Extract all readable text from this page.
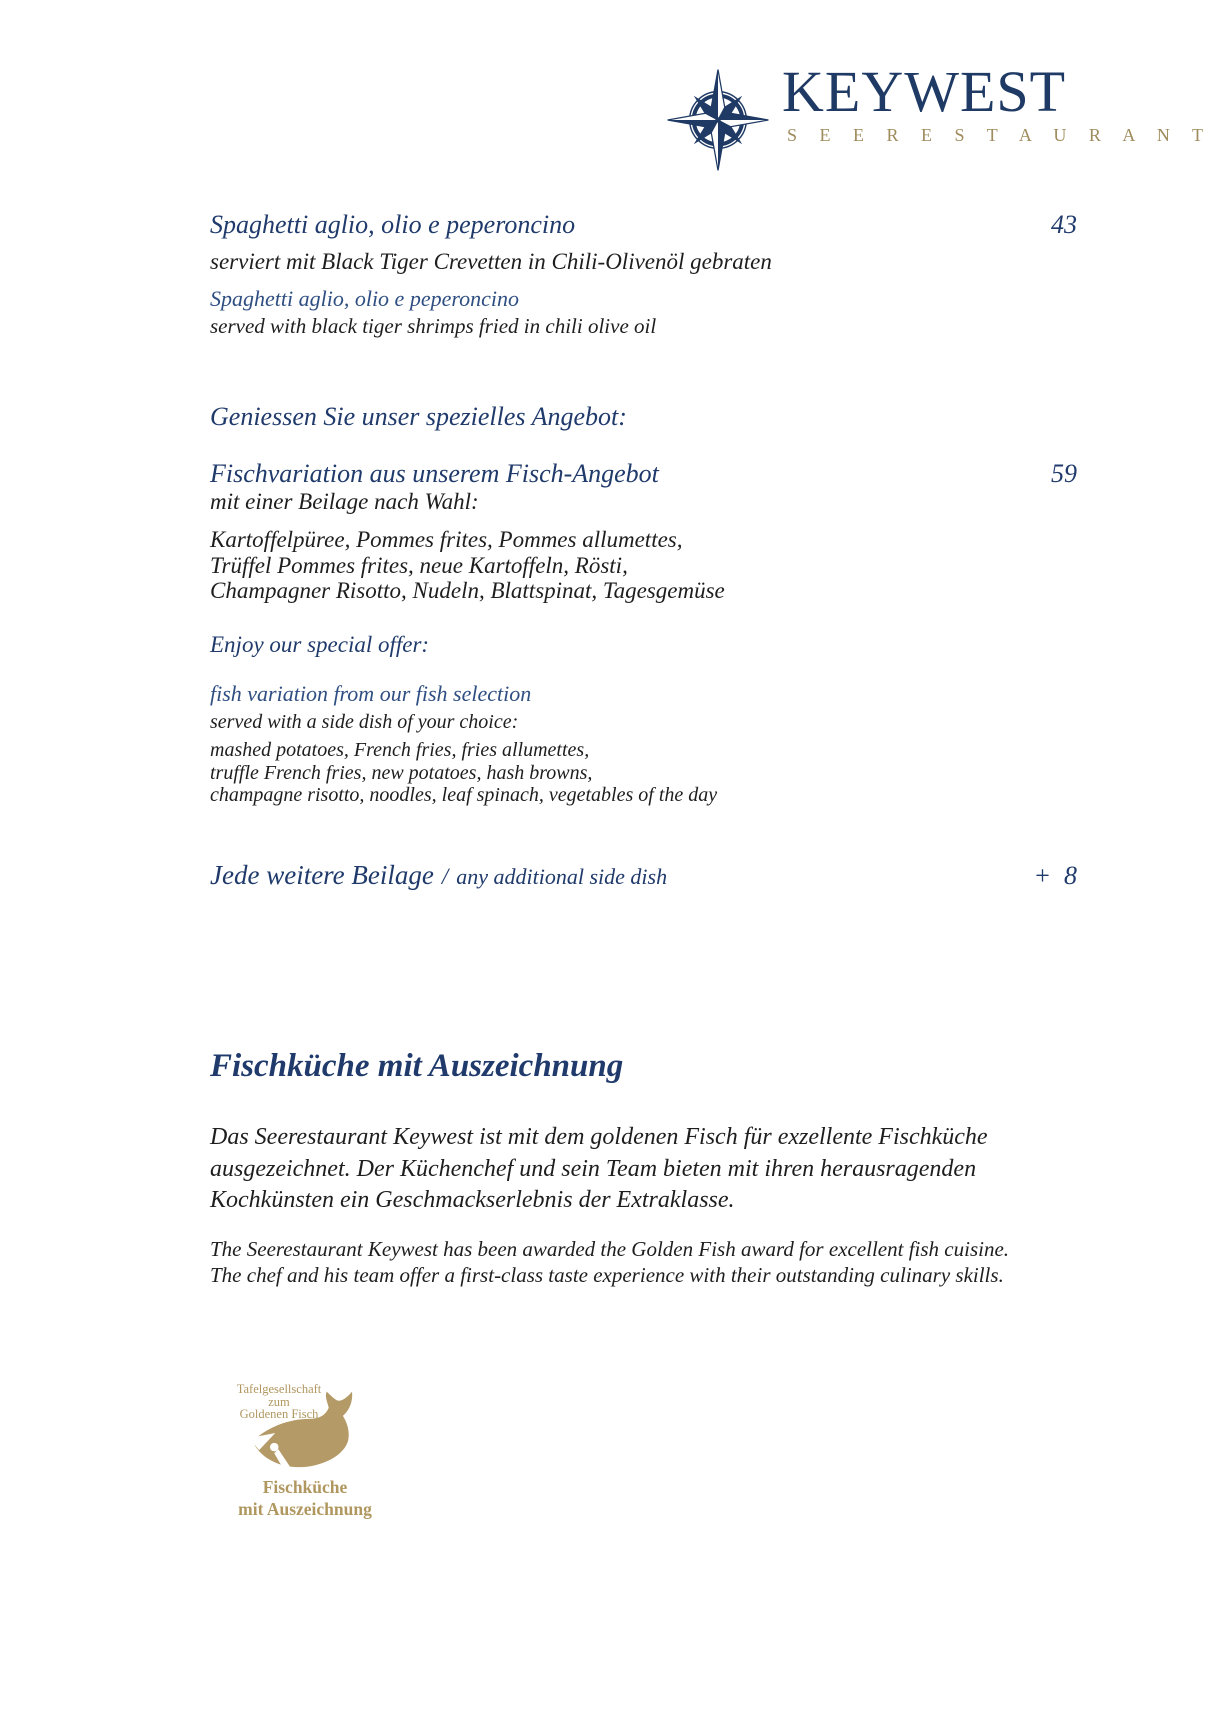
KEYWEST
S E E R E S T A U R A N T
Spaghetti aglio, olio e peperoncino	43
serviert mit Black Tiger Crevetten in Chili-Olivenöl gebraten
Spaghetti aglio, olio e peperoncino
served with black tiger shrimps fried in chili olive oil
Geniessen Sie unser spezielles Angebot:
Fischvariation aus unserem Fisch-Angebot	59
mit einer Beilage nach Wahl:
Kartoffelpüree, Pommes frites, Pommes allumettes,
Trüffel Pommes frites, neue Kartoffeln, Rösti,
Champagner Risotto, Nudeln, Blattspinat, Tagesgemüse
Enjoy our special offer:
fish variation from our fish selection
served with a side dish of your choice:
mashed potatoes, French fries, fries allumettes,
truffle French fries, new potatoes, hash browns,
champagne risotto, noodles, leaf spinach, vegetables of the day
Jede weitere Beilage / any additional side dish	+  8
Fischküche mit Auszeichnung
Das Seerestaurant Keywest ist mit dem goldenen Fisch für exzellente Fischküche
ausgezeichnet. Der Küchenchef und sein Team bieten mit ihren herausragenden
Kochkünsten ein Geschmackserlebnis der Extraklasse.
The Seerestaurant Keywest has been awarded the Golden Fish award for excellent fish cuisine.
The chef and his team offer a first-class taste experience with their outstanding culinary skills.
Tafelgesellschaft
zum
Goldenen Fisch
Fischküche
mit Auszeichnung
